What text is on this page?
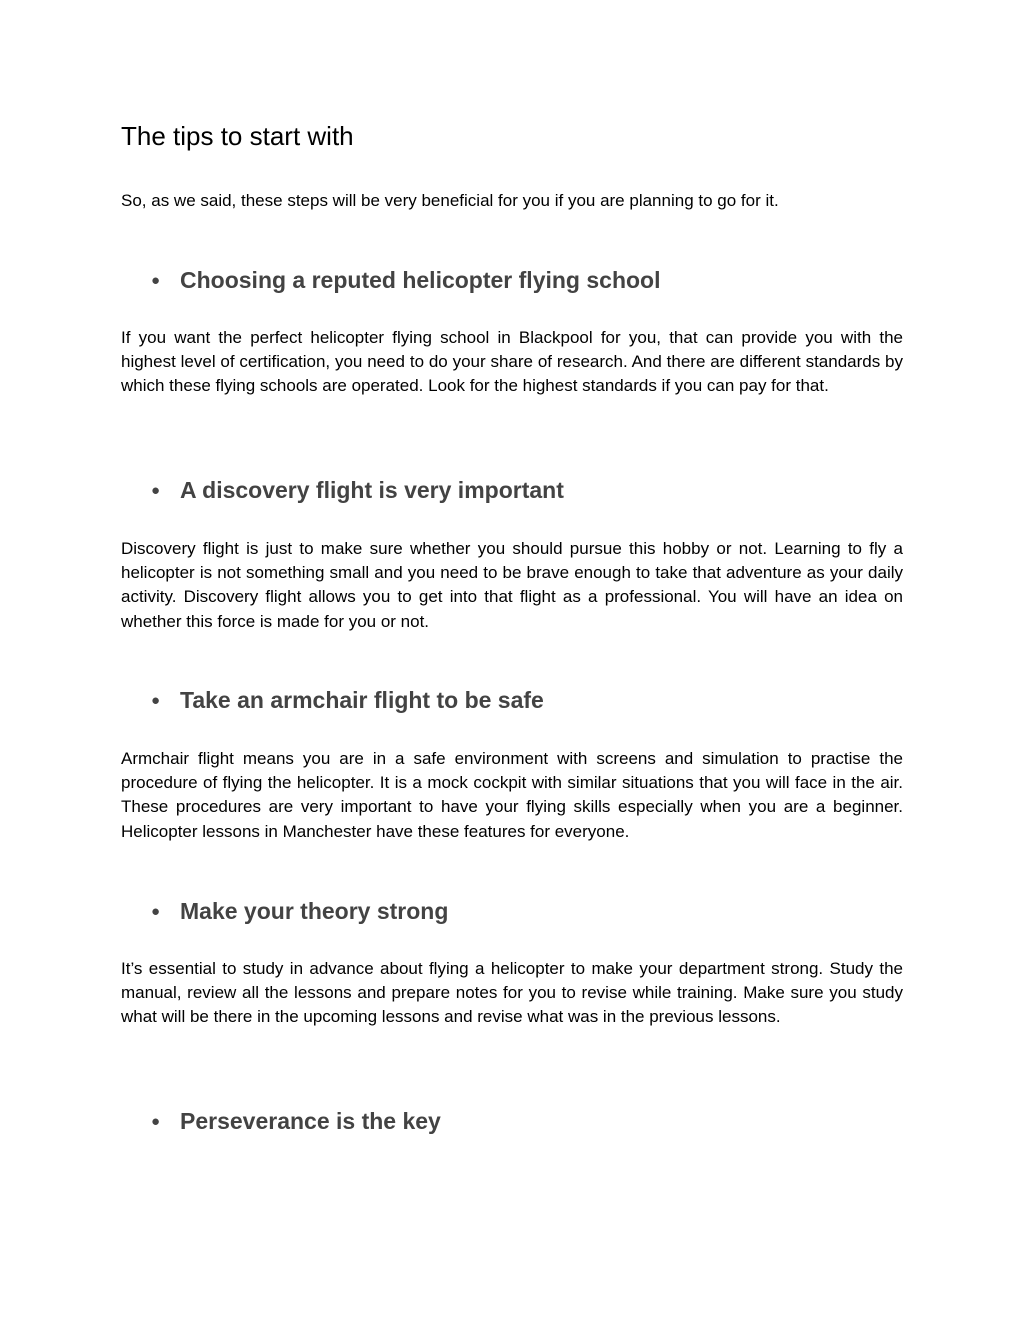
The tips to start with

So, as we said, these steps will be very beneficial for you if you are planning to go for it.

● Choosing a reputed helicopter flying school

If you want the perfect helicopter flying school in Blackpool for you, that can provide you with the highest level of certification, you need to do your share of research. And there are different standards by which these flying schools are operated. Look for the highest standards if you can pay for that.

● A discovery flight is very important

Discovery flight is just to make sure whether you should pursue this hobby or not. Learning to fly a helicopter is not something small and you need to be brave enough to take that adventure as your daily activity. Discovery flight allows you to get into that flight as a professional. You will have an idea on whether this force is made for you or not.

● Take an armchair flight to be safe

Armchair flight means you are in a safe environment with screens and simulation to practise the procedure of flying the helicopter. It is a mock cockpit with similar situations that you will face in the air. These procedures are very important to have your flying skills especially when you are a beginner. Helicopter lessons in Manchester have these features for everyone.

● Make your theory strong

It’s essential to study in advance about flying a helicopter to make your department strong. Study the manual, review all the lessons and prepare notes for you to revise while training. Make sure you study what will be there in the upcoming lessons and revise what was in the previous lessons.

● Perseverance is the key
